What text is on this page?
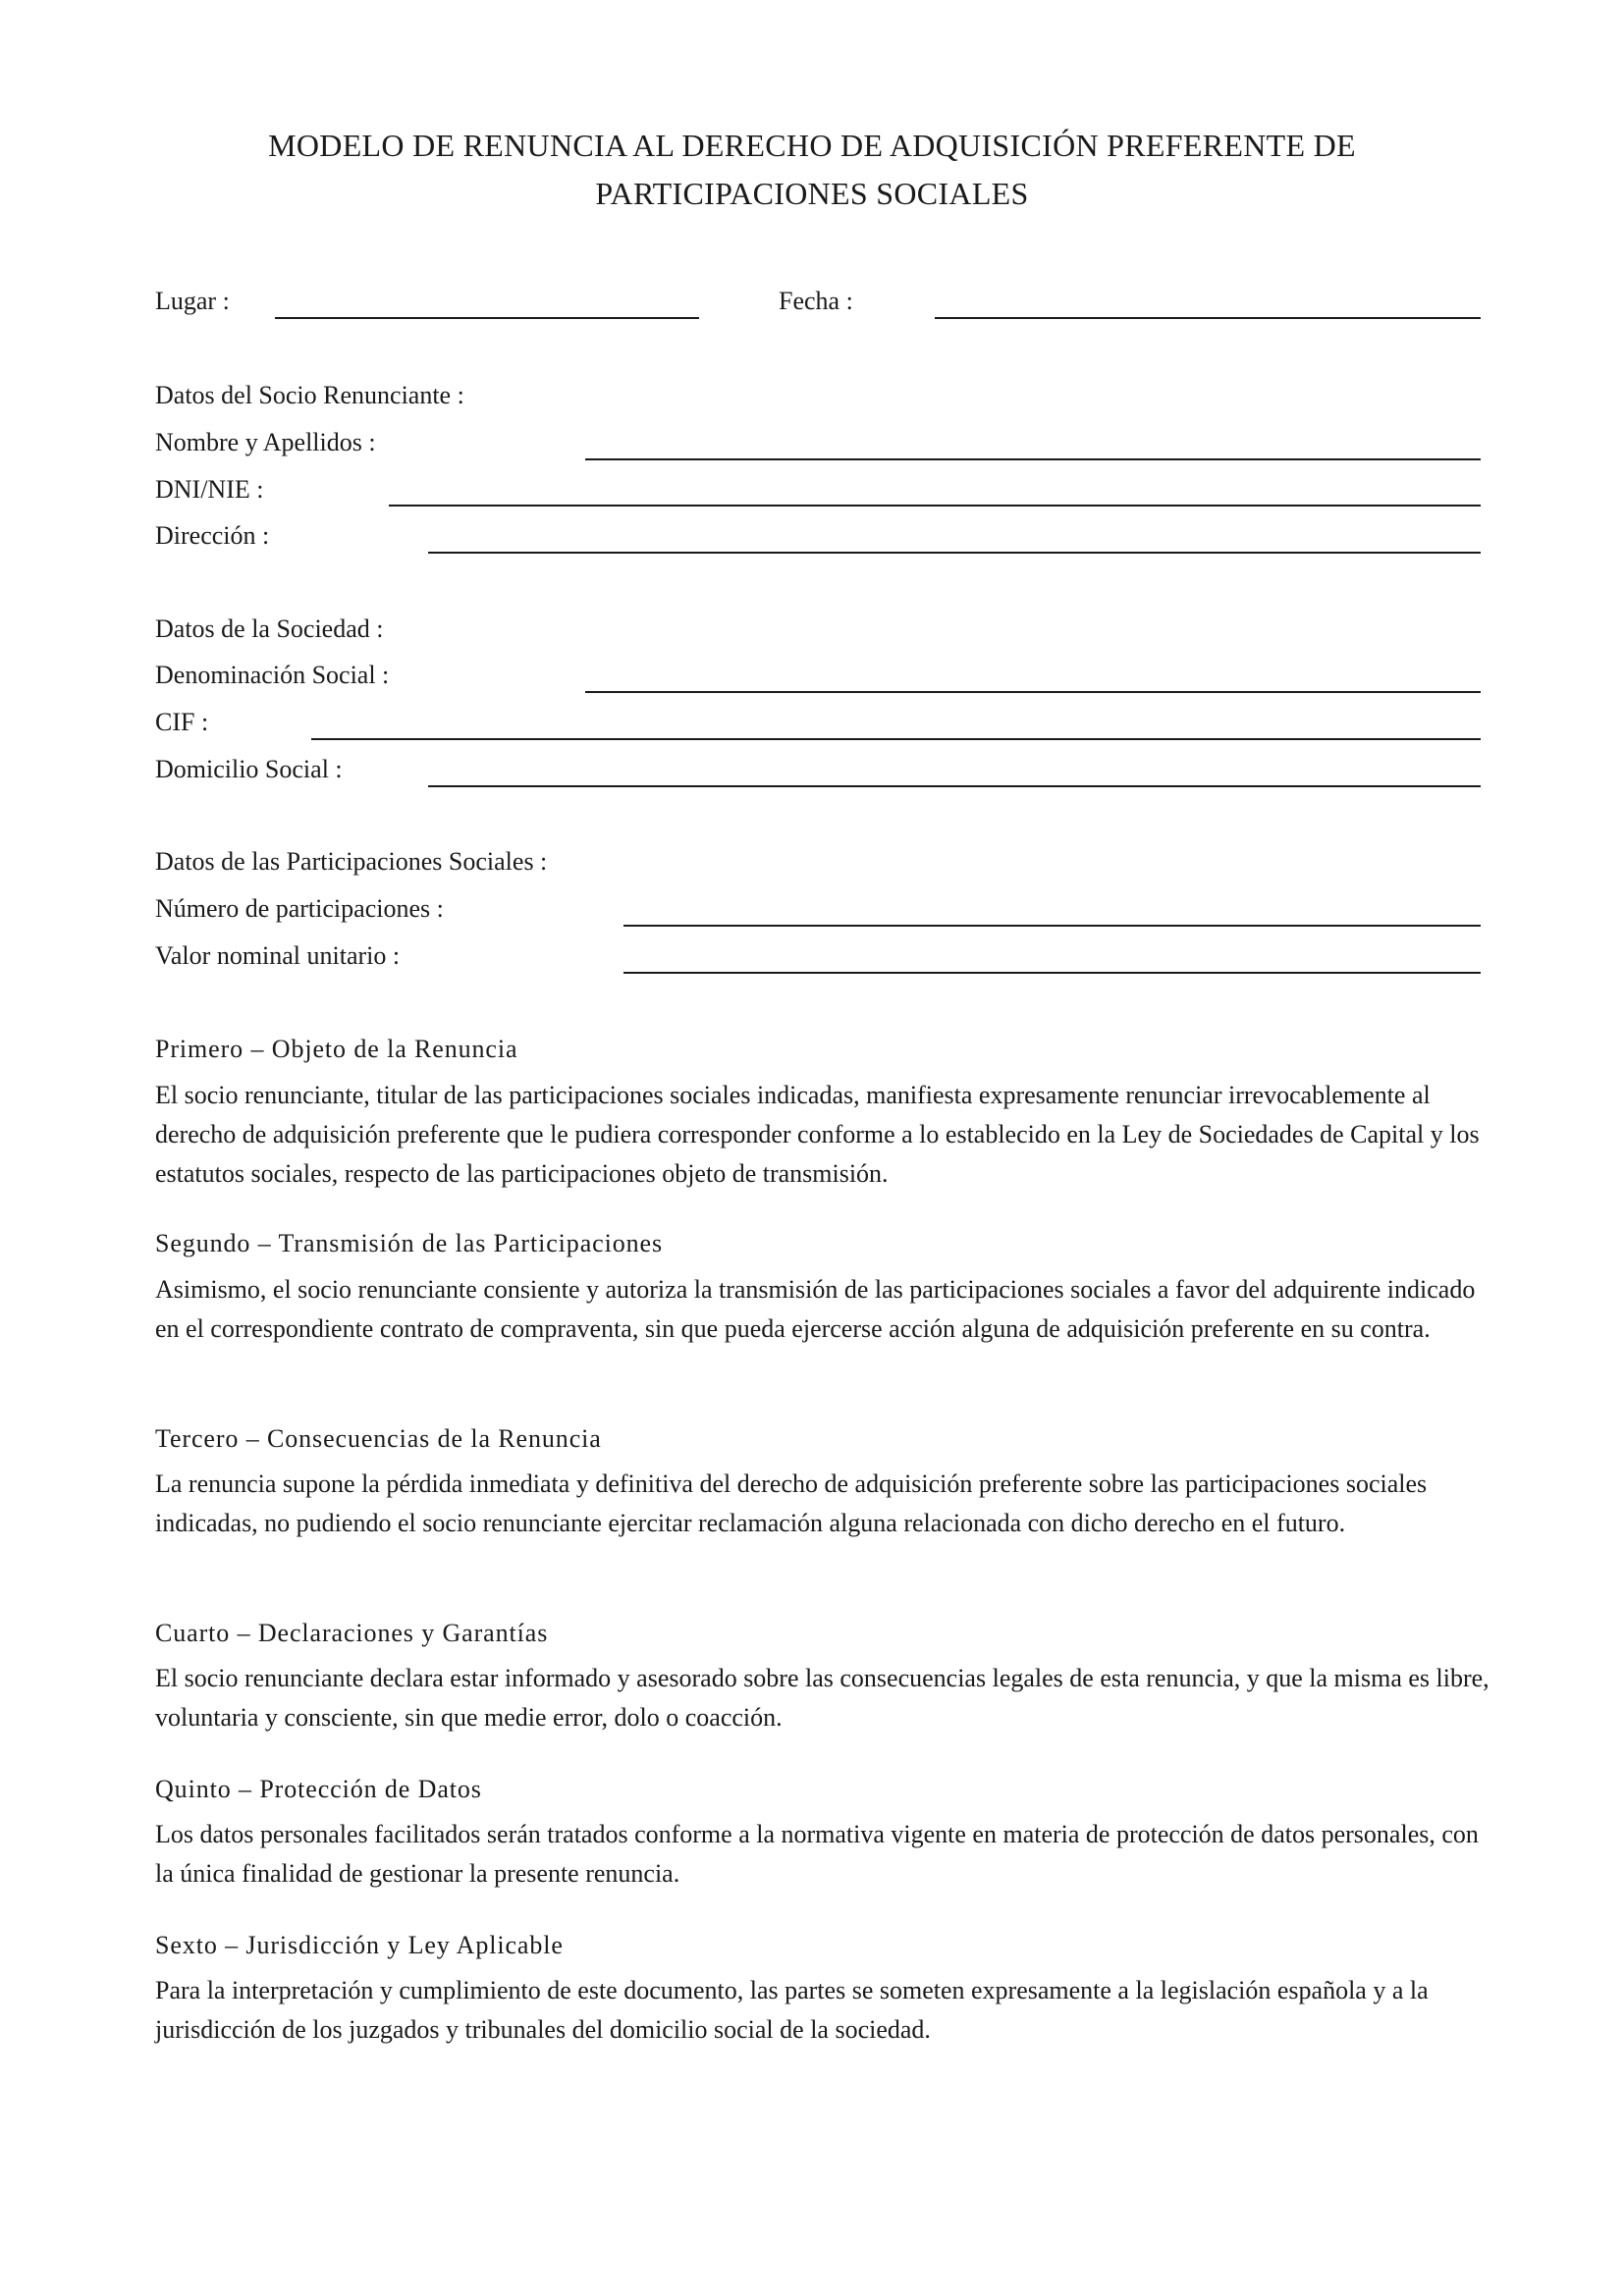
MODELO DE RENUNCIA AL DERECHO DE ADQUISICIÓN PREFERENTE DE
PARTICIPACIONES SOCIALES
Lugar :	Fecha :
Datos del Socio Renunciante :
Nombre y Apellidos :
DNI/NIE :
Dirección :
Datos de la Sociedad :
Denominación Social :
CIF :
Domicilio Social :
Datos de las Participaciones Sociales :
Número de participaciones :
Valor nominal unitario :
Primero – Objeto de la Renuncia
El socio renunciante, titular de las participaciones sociales indicadas, manifiesta expresamente renunciar irrevocablemente al derecho de adquisición preferente que le pudiera corresponder conforme a lo establecido en la Ley de Sociedades de Capital y los estatutos sociales, respecto de las participaciones objeto de transmisión.
Segundo – Transmisión de las Participaciones
Asimismo, el socio renunciante consiente y autoriza la transmisión de las participaciones sociales a favor del adquirente indicado en el correspondiente contrato de compraventa, sin que pueda ejercerse acción alguna de adquisición preferente en su contra.
Tercero – Consecuencias de la Renuncia
La renuncia supone la pérdida inmediata y definitiva del derecho de adquisición preferente sobre las participaciones sociales indicadas, no pudiendo el socio renunciante ejercitar reclamación alguna relacionada con dicho derecho en el futuro.
Cuarto – Declaraciones y Garantías
El socio renunciante declara estar informado y asesorado sobre las consecuencias legales de esta renuncia, y que la misma es libre, voluntaria y consciente, sin que medie error, dolo o coacción.
Quinto – Protección de Datos
Los datos personales facilitados serán tratados conforme a la normativa vigente en materia de protección de datos personales, con la única finalidad de gestionar la presente renuncia.
Sexto – Jurisdicción y Ley Aplicable
Para la interpretación y cumplimiento de este documento, las partes se someten expresamente a la legislación española y a la jurisdicción de los juzgados y tribunales del domicilio social de la sociedad.
